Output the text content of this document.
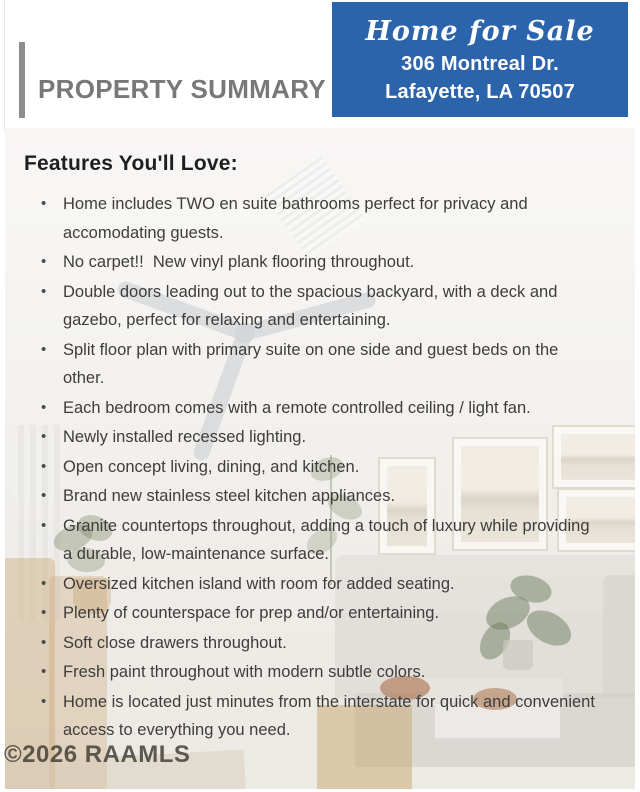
PROPERTY SUMMARY
Home for Sale
306 Montreal Dr.
Lafayette, LA 70507
Features You'll Love:
•	Home includes TWO en suite bathrooms perfect for privacy and accomodating guests.
•	No carpet!!  New vinyl plank flooring throughout.
•	Double doors leading out to the spacious backyard, with a deck and gazebo, perfect for relaxing and entertaining.
•	Split floor plan with primary suite on one side and guest beds on the other.
•	Each bedroom comes with a remote controlled ceiling / light fan.
•	Newly installed recessed lighting.
•	Open concept living, dining, and kitchen.
•	Brand new stainless steel kitchen appliances.
•	Granite countertops throughout, adding a touch of luxury while providing a durable, low-maintenance surface.
•	Oversized kitchen island with room for added seating.
•	Plenty of counterspace for prep and/or entertaining.
•	Soft close drawers throughout.
•	Fresh paint throughout with modern subtle colors.
•	Home is located just minutes from the interstate for quick and convenient access to everything you need.
©2026 RAAMLS
